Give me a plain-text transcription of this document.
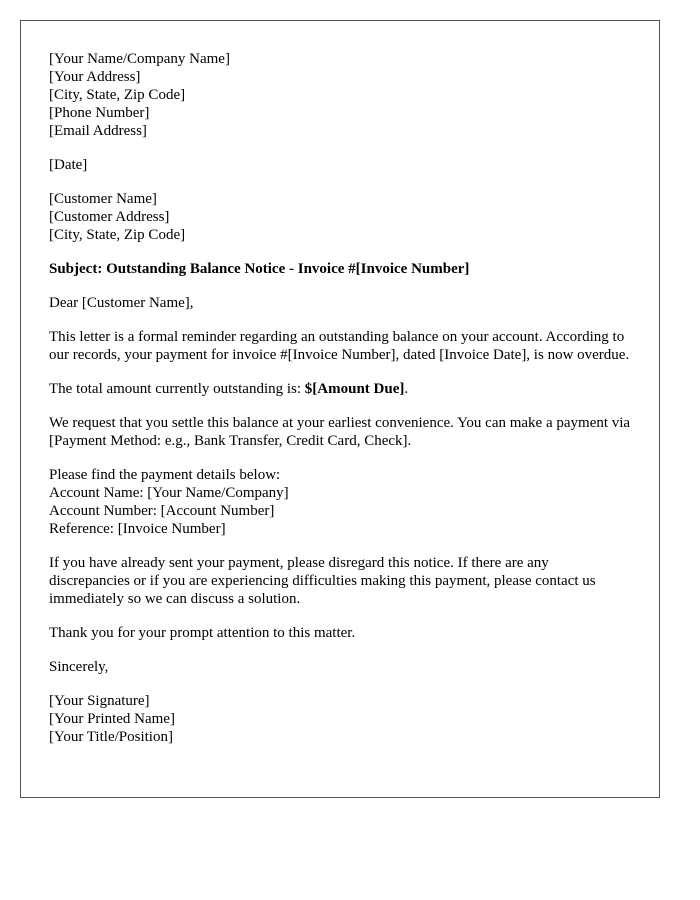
[Your Name/Company Name]
[Your Address]
[City, State, Zip Code]
[Phone Number]
[Email Address]
[Date]
[Customer Name]
[Customer Address]
[City, State, Zip Code]
Subject: Outstanding Balance Notice - Invoice #[Invoice Number]
Dear [Customer Name],
This letter is a formal reminder regarding an outstanding balance on your account. According to our records, your payment for invoice #[Invoice Number], dated [Invoice Date], is now overdue.
The total amount currently outstanding is: $[Amount Due].
We request that you settle this balance at your earliest convenience. You can make a payment via [Payment Method: e.g., Bank Transfer, Credit Card, Check].
Please find the payment details below:
Account Name: [Your Name/Company]
Account Number: [Account Number]
Reference: [Invoice Number]
If you have already sent your payment, please disregard this notice. If there are any discrepancies or if you are experiencing difficulties making this payment, please contact us immediately so we can discuss a solution.
Thank you for your prompt attention to this matter.
Sincerely,
[Your Signature]
[Your Printed Name]
[Your Title/Position]
